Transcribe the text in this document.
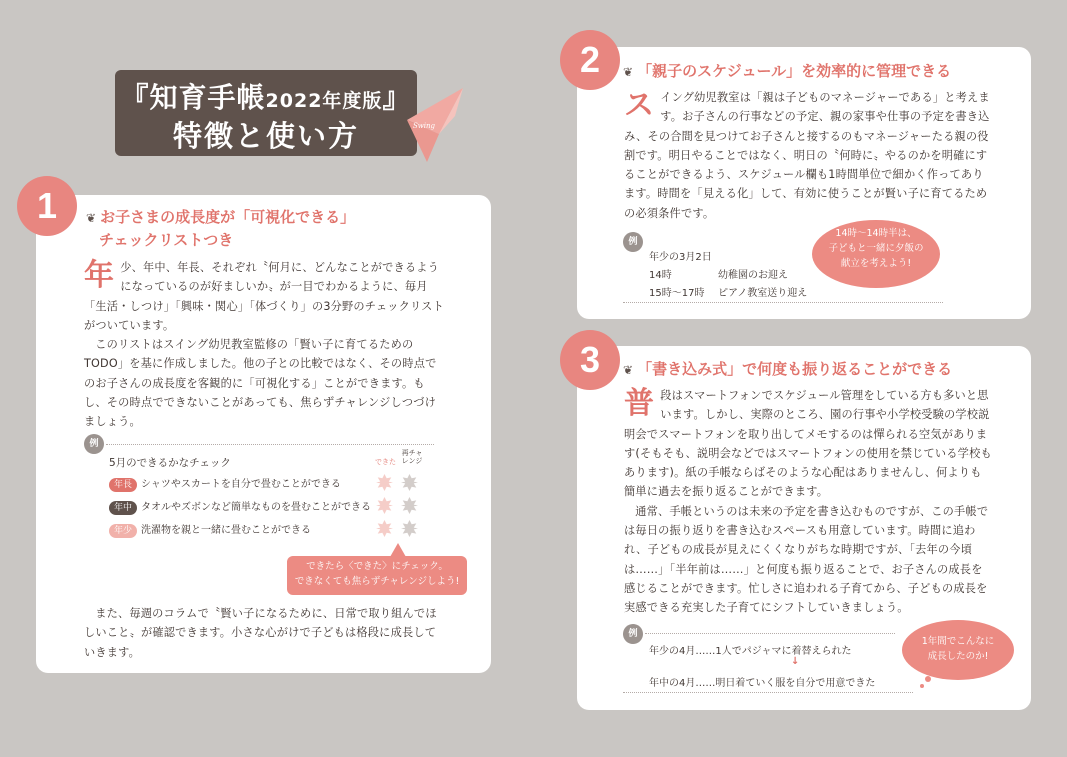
『知育手帳2022年度版』
特徴と使い方	Swing
1	❦ お子さまの成長度が「可視化できる」
チェックリストつき

年少、年中、年長、それぞれ〝何月に、どんなことができるようになっているのが好ましいか〟が一目でわかるように、毎月「生活・しつけ」「興味・関心」「体づくり」の3分野のチェックリストがついています。

このリストはスイング幼児教室監修の「賢い子に育てるためのTODO」を基に作成しました。他の子との比較ではなく、その時点でのお子さんの成長度を客観的に「可視化する」ことができます。もし、その時点でできないことがあっても、焦らずチャレンジしつづけましょう。

例
5月のできるかなチェック	できた
再チャレンジ
年長 シャツやスカートを自分で畳むことができる
年中 タオルやズボンなど簡単なものを畳むことができる
年少 洗濯物を親と一緒に畳むことができる
できたら〈できた〉にチェック。
できなくても焦らずチャレンジしよう!

また、毎週のコラムで〝賢い子になるために、日常で取り組んでほしいこと〟が確認できます。小さな心がけで子どもは格段に成長していきます。

2	❦ 「親子のスケジュール」を効率的に管理できる

スイング幼児教室は「親は子どものマネージャーである」と考えます。お子さんの行事などの予定、親の家事や仕事の予定を書き込み、その合間を見つけてお子さんと接するのもマネージャーたる親の役割です。明日やることではなく、明日の〝何時に〟やるのかを明確にすることができるよう、スケジュール欄も1時間単位で細かく作ってあります。時間を「見える化」して、有効に使うことが賢い子に育てるための必須条件です。

例
年少の3月2日
14時	幼稚園のお迎え
15時〜17時 ピアノ教室送り迎え
14時〜14時半は、
子どもと一緒に夕飯の
献立を考えよう!
3	❦ 「書き込み式」で何度も振り返ることができる

普段はスマートフォンでスケジュール管理をしている方も多いと思います。しかし、実際のところ、園の行事や小学校受験の学校説明会でスマートフォンを取り出してメモするのは憚られる空気があります(そもそも、説明会などではスマートフォンの使用を禁じている学校もあります)。紙の手帳ならばそのような心配はありませんし、何よりも簡単に過去を振り返ることができます。

通常、手帳というのは未来の予定を書き込むものですが、この手帳では毎日の振り返りを書き込むスペースも用意しています。時間に追われ、子どもの成長が見えにくくなりがちな時期ですが、「去年の今頃は……」「半年前は……」と何度も振り返ることで、お子さんの成長を感じることができます。忙しさに追われる子育てから、子どもの成長を実感できる充実した子育てにシフトしていきましょう。

例
年少の4月……1人でパジャマに着替えられた
↓
年中の4月……明日着ていく服を自分で用意できた
1年間でこんなに
成長したのか!
